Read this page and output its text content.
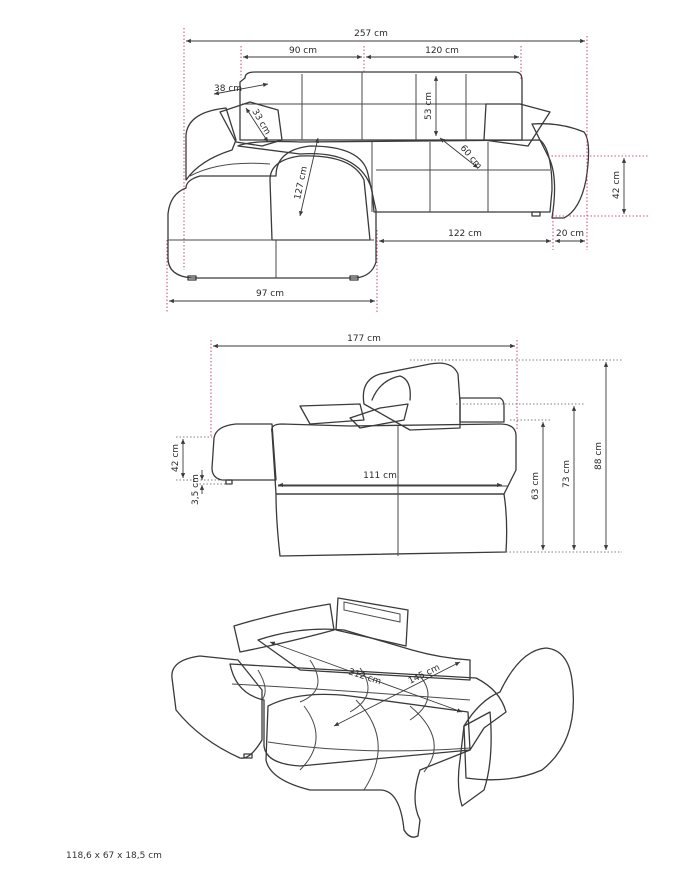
257 cm
90 cm	120 cm
38 cm
33 cm
53 cm
60 cm
127 cm	42 cm
122 cm	20 cm
97 cm
177 cm
42 cm
3,5 cm	111 cm	63 cm 73 cm
88 cm
212 cm	145 cm
118,6 x 67 x 18,5 cm
